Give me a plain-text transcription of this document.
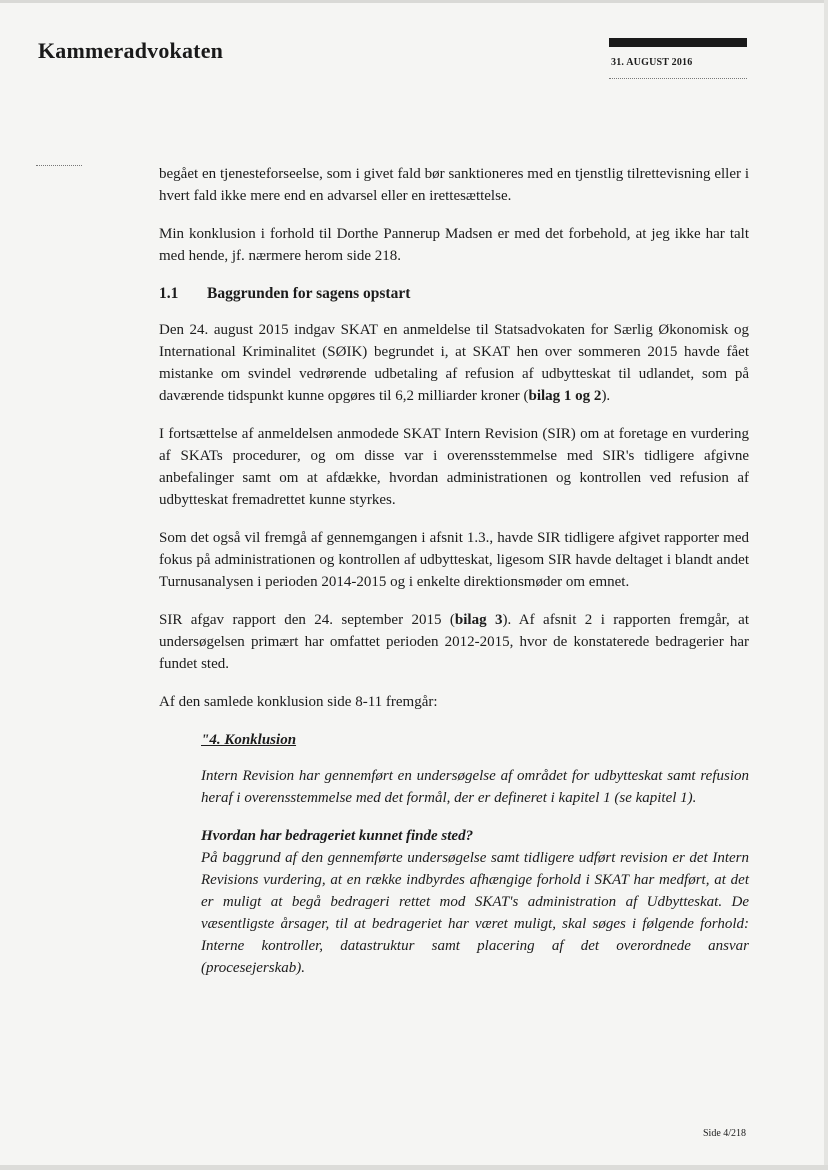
Kammeradvokaten	31. AUGUST 2016

begået en tjenesteforseelse, som i givet fald bør sanktioneres med en tjenstlig tilrettevisning eller i hvert fald ikke mere end en advarsel eller en irettesættelse.

Min konklusion i forhold til Dorthe Pannerup Madsen er med det forbehold, at jeg ikke har talt med hende, jf. nærmere herom side 218.

1.1	Baggrunden for sagens opstart

Den 24. august 2015 indgav SKAT en anmeldelse til Statsadvokaten for Særlig Økonomisk og International Kriminalitet (SØIK) begrundet i, at SKAT hen over sommeren 2015 havde fået mistanke om svindel vedrørende udbetaling af refusion af udbytteskat til udlandet, som på daværende tidspunkt kunne opgøres til 6,2 milliarder kroner (bilag 1 og 2).

I fortsættelse af anmeldelsen anmodede SKAT Intern Revision (SIR) om at foretage en vurdering af SKATs procedurer, og om disse var i overensstemmelse med SIR's tidligere afgivne anbefalinger samt om at afdække, hvordan administrationen og kontrollen ved refusion af udbytteskat fremadrettet kunne styrkes.

Som det også vil fremgå af gennemgangen i afsnit 1.3., havde SIR tidligere afgivet rapporter med fokus på administrationen og kontrollen af udbytteskat, ligesom SIR havde deltaget i blandt andet Turnusanalysen i perioden 2014-2015 og i enkelte direktionsmøder om emnet.

SIR afgav rapport den 24. september 2015 (bilag 3). Af afsnit 2 i rapporten fremgår, at undersøgelsen primært har omfattet perioden 2012-2015, hvor de konstaterede bedragerier har fundet sted.

Af den samlede konklusion side 8-11 fremgår:

"4. Konklusion

Intern Revision har gennemført en undersøgelse af området for udbytteskat samt refusion heraf i overensstemmelse med det formål, der er defineret i kapitel 1 (se kapitel 1).

Hvordan har bedrageriet kunnet finde sted?

På baggrund af den gennemførte undersøgelse samt tidligere udført revision er det Intern Revisions vurdering, at en række indbyrdes afhængige forhold i SKAT har medført, at det er muligt at begå bedrageri rettet mod SKAT's administration af Udbytteskat. De væsentligste årsager, til at bedrageriet har været muligt, skal søges i følgende forhold: Interne kontroller, datastruktur samt placering af det overordnede ansvar (procesejerskab).

Side 4/218
